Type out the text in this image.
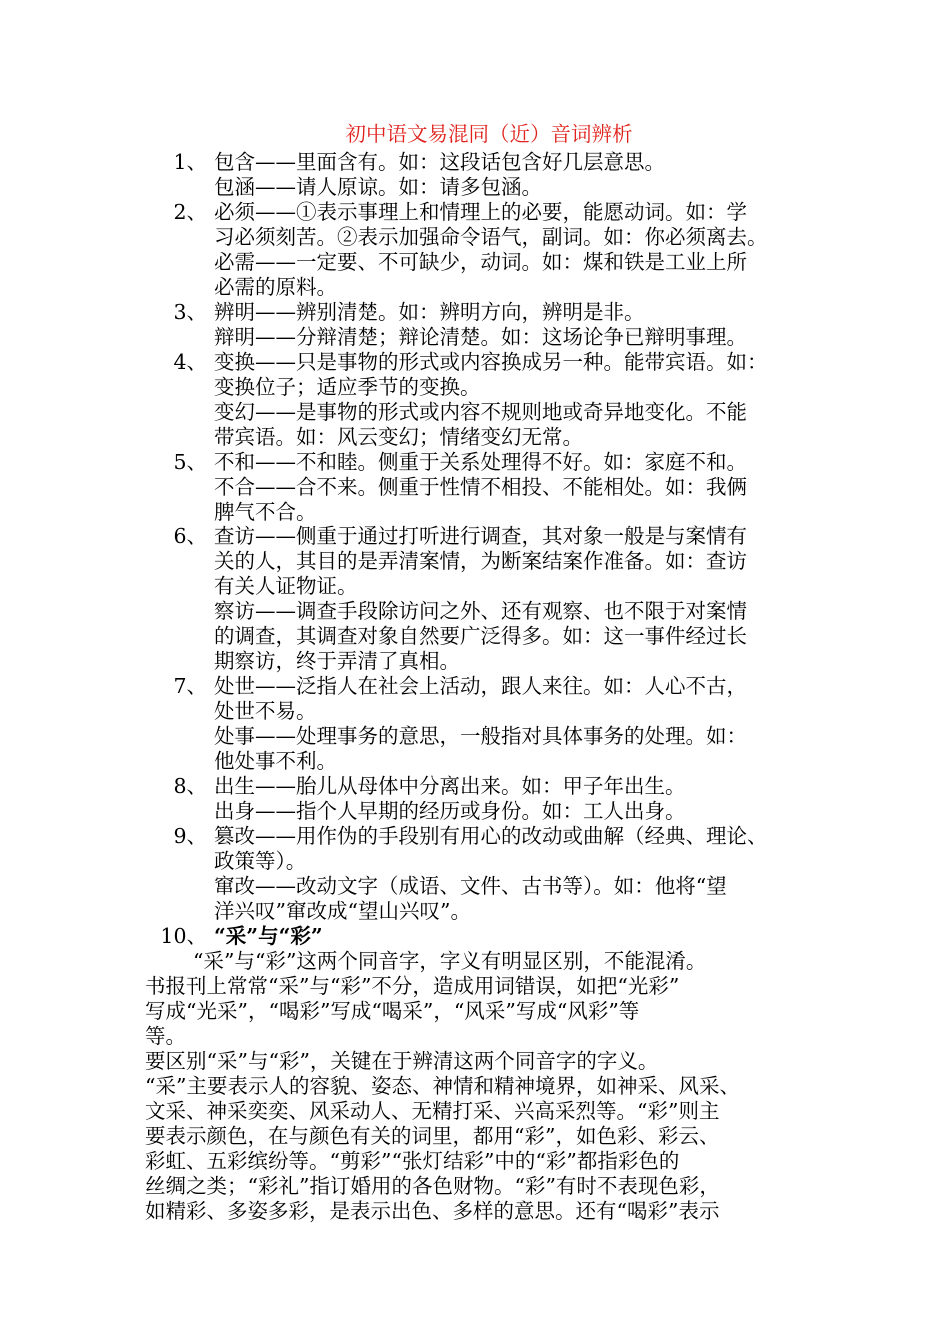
初中语文易混同（近）音词辨析
1、 包含——里面含有。如：这段话包含好几层意思。
包涵——请人原谅。如：请多包涵。
2、 必须——①表示事理上和情理上的必要，能愿动词。如：学
习必须刻苦。②表示加强命令语气，副词。如：你必须离去。
必需——一定要、不可缺少，动词。如：煤和铁是工业上所
必需的原料。
3、 辨明——辨别清楚。如：辨明方向，辨明是非。
辩明——分辩清楚；辩论清楚。如：这场论争已辩明事理。
4、 变换——只是事物的形式或内容换成另一种。能带宾语。如：
变换位子；适应季节的变换。
变幻——是事物的形式或内容不规则地或奇异地变化。不能
带宾语。如：风云变幻；情绪变幻无常。
5、 不和——不和睦。侧重于关系处理得不好。如：家庭不和。
不合——合不来。侧重于性情不相投、不能相处。如：我俩
脾气不合。
6、 查访——侧重于通过打听进行调查，其对象一般是与案情有
关的人，其目的是弄清案情，为断案结案作准备。如：查访
有关人证物证。
察访——调查手段除访问之外、还有观察、也不限于对案情
的调查，其调查对象自然要广泛得多。如：这一事件经过长
期察访，终于弄清了真相。
7、 处世——泛指人在社会上活动，跟人来往。如：人心不古，
处世不易。
处事——处理事务的意思，一般指对具体事务的处理。如：
他处事不利。
8、 出生——胎儿从母体中分离出来。如：甲子年出生。
出身——指个人早期的经历或身份。如：工人出身。
9、 篡改——用作伪的手段别有用心的改动或曲解（经典、理论、
政策等）。
窜改——改动文字（成语、文件、古书等）。如：他将“望
洋兴叹”窜改成“望山兴叹”。
10、 “采”与“彩”
“采”与“彩”这两个同音字，字义有明显区别，不能混淆。
书报刊上常常“采”与“彩”不分，造成用词错误，如把“光彩”
写成“光采”，“喝彩”写成“喝采”，“风采”写成“风彩”等
等。
要区别“采”与“彩”，关键在于辨清这两个同音字的字义。
“采”主要表示人的容貌、姿态、神情和精神境界，如神采、风采、
文采、神采奕奕、风采动人、无精打采、兴高采烈等。“彩”则主
要表示颜色，在与颜色有关的词里，都用“彩”，如色彩、彩云、
彩虹、五彩缤纷等。“剪彩”“张灯结彩”中的“彩”都指彩色的
丝绸之类；“彩礼”指订婚用的各色财物。“彩”有时不表现色彩，
如精彩、多姿多彩，是表示出色、多样的意思。还有“喝彩”表示
